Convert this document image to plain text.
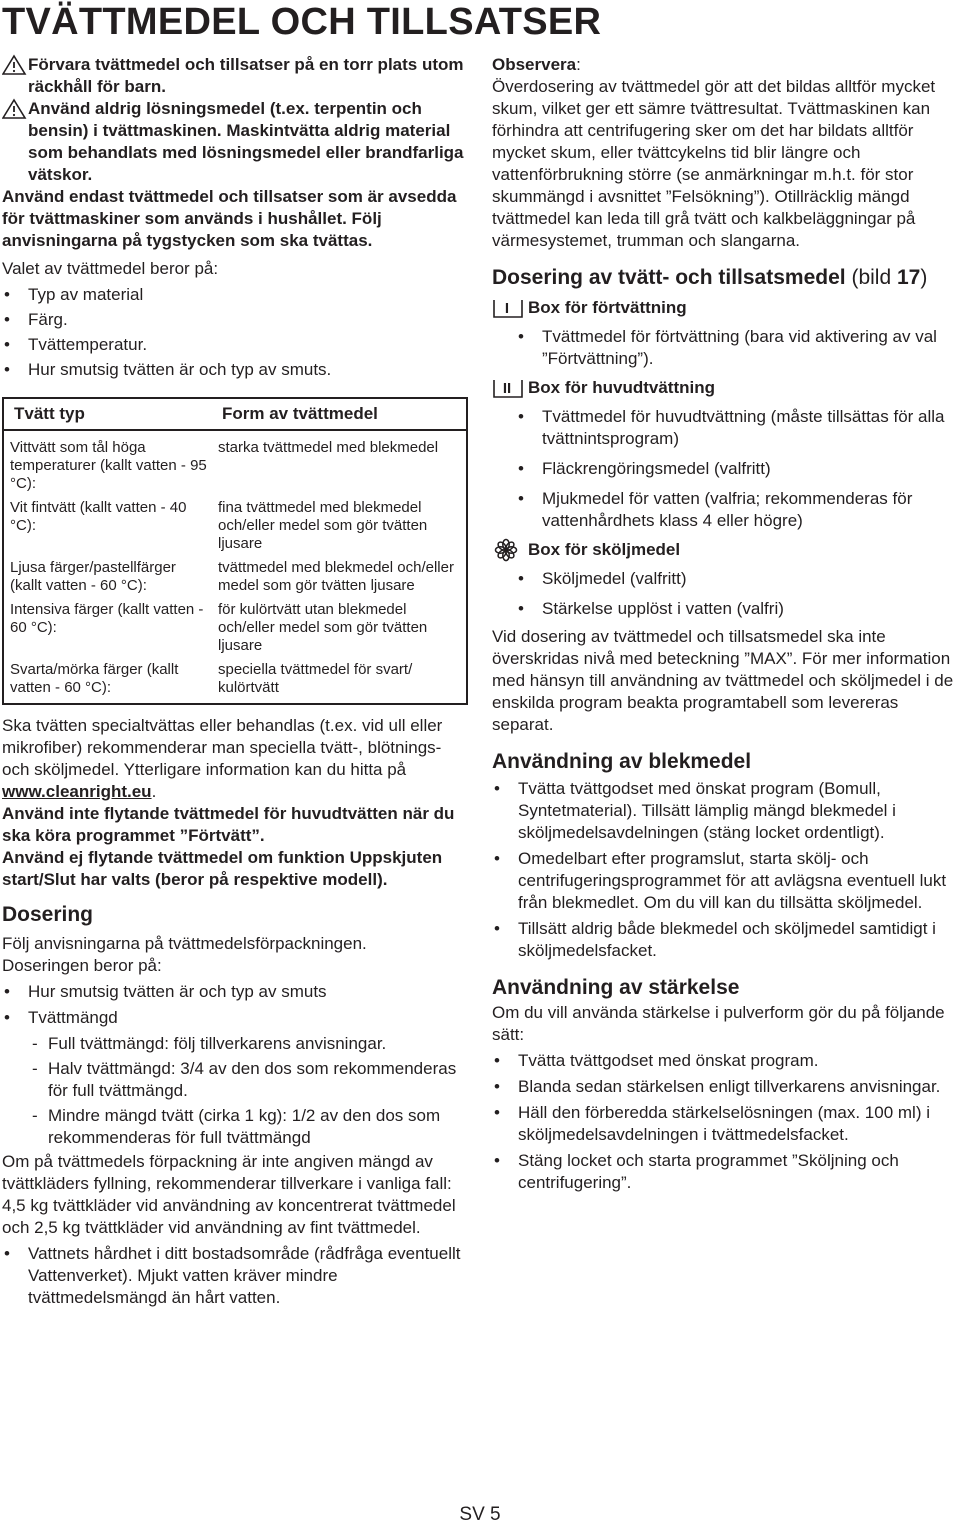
TVÄTTMEDEL OCH TILLSATSER
Förvara tvättmedel och tillsatser på en torr plats utom räckhåll för barn.
Använd aldrig lösningsmedel (t.ex. terpentin och bensin) i tvättmaskinen. Maskintvätta aldrig material som behandlats med lösningsmedel eller brandfarliga vätskor.

Använd endast tvättmedel och tillsatser som är avsedda för tvättmaskiner som används i hushållet. Följ anvisningarna på tygstycken som ska tvättas.

Valet av tvättmedel beror på:

• Typ av material
• Färg.
• Tvättemperatur.
• Hur smutsig tvätten är och typ av smuts.
Tvätt typ	Form av tvättmedel
Vittvätt som tål höga temperaturer (kallt vatten - 95 °C):	starka tvättmedel med blekmedel
Vit fintvätt (kallt vatten - 40 °C):	fina tvättmedel med blekmedel och/eller medel som gör tvätten ljusare
Ljusa färger/pastellfärger (kallt vatten - 60 °C):	tvättmedel med blekmedel och/eller medel som gör tvätten ljusare
Intensiva färger (kallt vatten - 60 °C):	för kulörtvätt utan blekmedel och/eller medel som gör tvätten ljusare
Svarta/mörka färger (kallt vatten - 60 °C):	speciella tvättmedel för svart/ kulörtvätt

Ska tvätten specialtvättas eller behandlas (t.ex. vid ull eller mikrofiber) rekommenderar man speciella tvätt-, blötnings- och sköljmedel. Ytterligare information kan du hitta på www.cleanright.eu.

Använd inte flytande tvättmedel för huvudtvätten när du ska köra programmet ”Förtvätt”.

Använd ej flytande tvättmedel om funktion Uppskjuten start/Slut har valts (beror på respektive modell).

Dosering

Följ anvisningarna på tvättmedelsförpackningen.

Doseringen beror på:

• Hur smutsig tvätten är och typ av smuts
• Tvättmängd
- Full tvättmängd: följ tillverkarens anvisningar.
- Halv tvättmängd: 3/4 av den dos som rekommenderas för full tvättmängd.
- Mindre mängd tvätt (cirka 1 kg): 1/2 av den dos som rekommenderas för full tvättmängd

Om på tvättmedels förpackning är inte angiven mängd av tvättkläders fyllning, rekommenderar tillverkare i vanliga fall: 4,5 kg tvättkläder vid användning av koncentrerat tvättmedel och 2,5 kg tvättkläder vid användning av fint tvättmedel.

• Vattnets hårdhet i ditt bostadsområde (rådfråga eventuellt Vattenverket). Mjukt vatten kräver mindre tvättmedelsmängd än hårt vatten.

Observera:
Överdosering av tvättmedel gör att det bildas alltför mycket skum, vilket ger ett sämre tvättresultat. Tvättmaskinen kan förhindra att centrifugering sker om det har bildats alltför mycket skum, eller tvättcykelns tid blir längre och vattenförbrukning större (se anmärkningar m.h.t. för stor skummängd i avsnittet ”Felsökning”). Otillräcklig mängd tvättmedel kan leda till grå tvätt och kalkbeläggningar på värmesystemet, trumman och slangarna.

Dosering av tvätt- och tillsatsmedel (bild 17)
I Box för förtvättning
• Tvättmedel för förtvättning (bara vid aktivering av val ”Förtvättning”).
II Box för huvudtvättning
• Tvättmedel för huvudtvättning (måste tillsättas för alla tvättnintsprogram)
• Fläckrengöringsmedel (valfritt)
• Mjukmedel för vatten (valfria; rekommenderas för vattenhårdhets klass 4 eller högre)
Box för sköljmedel
• Sköljmedel (valfritt)
• Stärkelse upplöst i vatten (valfri)

Vid dosering av tvättmedel och tillsatsmedel ska inte överskridas nivå med beteckning ”MAX”. För mer information med hänsyn till användning av tvättmedel och sköljmedel i de enskilda program beakta programtabell som levereras separat.

Användning av blekmedel
• Tvätta tvättgodset med önskat program (Bomull, Syntetmaterial). Tillsätt lämplig mängd blekmedel i sköljmedelsavdelningen (stäng locket ordentligt).
• Omedelbart efter programslut, starta skölj- och centrifugeringsprogrammet för att avlägsna eventuell lukt från blekmedlet. Om du vill kan du tillsätta sköljmedel.
• Tillsätt aldrig både blekmedel och sköljmedel samtidigt i sköljmedelsfacket.
Användning av stärkelse

Om du vill använda stärkelse i pulverform gör du på följande sätt:

• Tvätta tvättgodset med önskat program.
• Blanda sedan stärkelsen enligt tillverkarens anvisningar.
• Häll den förberedda stärkelselösningen (max. 100 ml) i sköljmedelsavdelningen i tvättmedelsfacket.
• Stäng locket och starta programmet ”Sköljning och centrifugering”.
SV 5
